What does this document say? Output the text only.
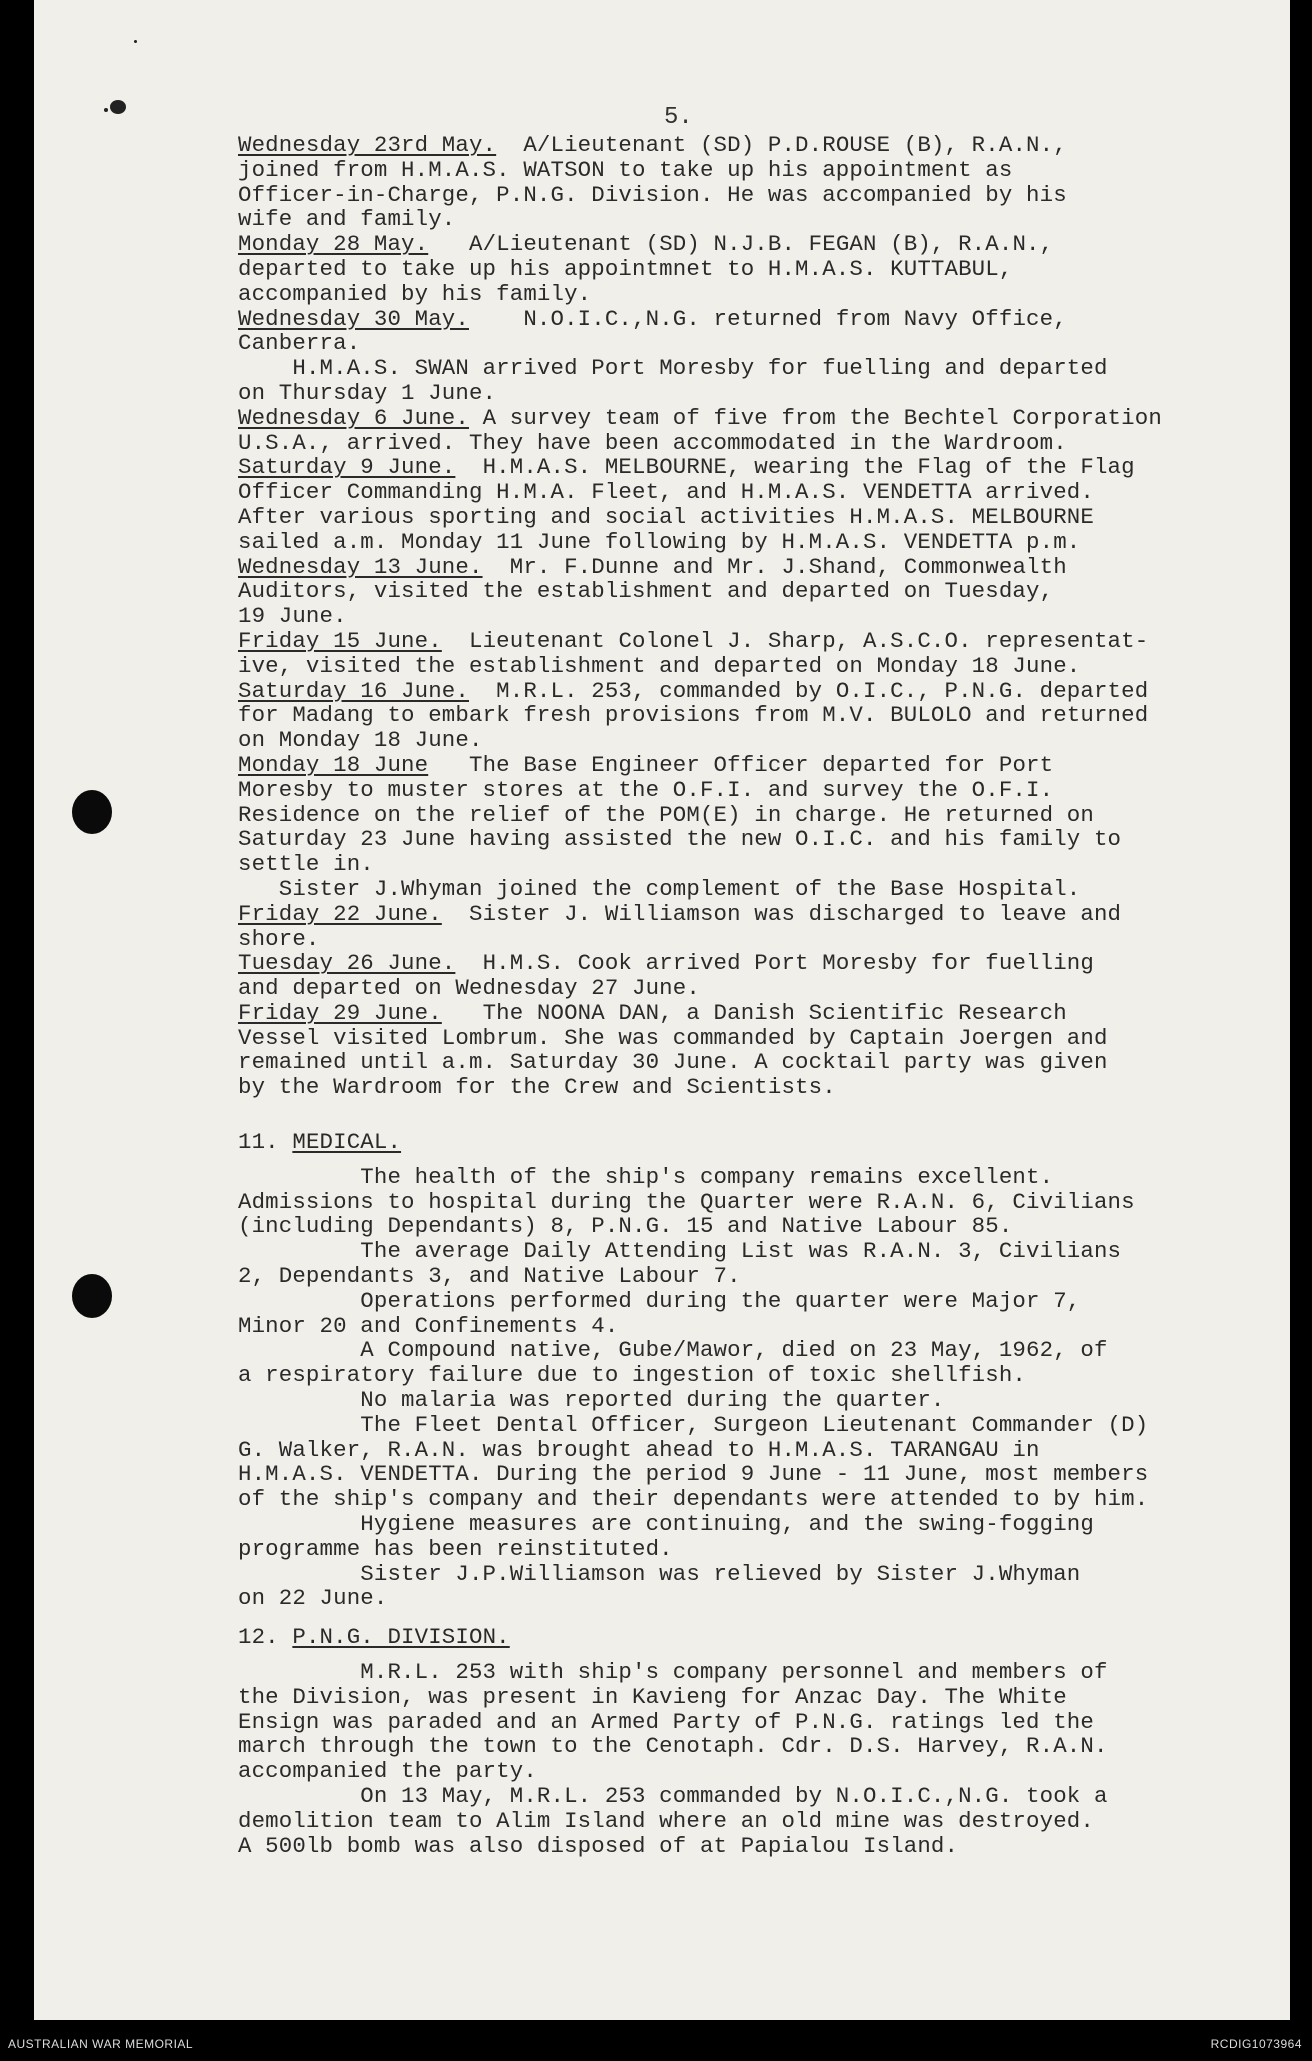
5.

Wednesday 23rd May.  A/Lieutenant (SD) P.D.ROUSE (B), R.A.N.,
joined from H.M.A.S. WATSON to take up his appointment as
Officer-in-Charge, P.N.G. Division. He was accompanied by his
wife and family.

Monday 28 May.   A/Lieutenant (SD) N.J.B. FEGAN (B), R.A.N.,
departed to take up his appointmnet to H.M.A.S. KUTTABUL,
accompanied by his family.

Wednesday 30 May.    N.O.I.C.,N.G. returned from Navy Office,
Canberra.

H.M.A.S. SWAN arrived Port Moresby for fuelling and departed
on Thursday 1 June.

Wednesday 6 June. A survey team of five from the Bechtel Corporation
U.S.A., arrived. They have been accommodated in the Wardroom.

Saturday 9 June.  H.M.A.S. MELBOURNE, wearing the Flag of the Flag
Officer Commanding H.M.A. Fleet, and H.M.A.S. VENDETTA arrived.
After various sporting and social activities H.M.A.S. MELBOURNE
sailed a.m. Monday 11 June following by H.M.A.S. VENDETTA p.m.

Wednesday 13 June.  Mr. F.Dunne and Mr. J.Shand, Commonwealth
Auditors, visited the establishment and departed on Tuesday,
19 June.

Friday 15 June.  Lieutenant Colonel J. Sharp, A.S.C.O. representat-
ive, visited the establishment and departed on Monday 18 June.

Saturday 16 June.  M.R.L. 253, commanded by O.I.C., P.N.G. departed
for Madang to embark fresh provisions from M.V. BULOLO and returned
on Monday 18 June.

Monday 18 June   The Base Engineer Officer departed for Port
Moresby to muster stores at the O.F.I. and survey the O.F.I.
Residence on the relief of the POM(E) in charge. He returned on
Saturday 23 June having assisted the new O.I.C. and his family to
settle in.

Sister J.Whyman joined the complement of the Base Hospital.

Friday 22 June.  Sister J. Williamson was discharged to leave and
shore.

Tuesday 26 June.  H.M.S. Cook arrived Port Moresby for fuelling
and departed on Wednesday 27 June.

Friday 29 June.   The NOONA DAN, a Danish Scientific Research
Vessel visited Lombrum. She was commanded by Captain Joergen and
remained until a.m. Saturday 30 June. A cocktail party was given
by the Wardroom for the Crew and Scientists.

11. MEDICAL.

The health of the ship's company remains excellent.
Admissions to hospital during the Quarter were R.A.N. 6, Civilians
(including Dependants) 8, P.N.G. 15 and Native Labour 85.

The average Daily Attending List was R.A.N. 3, Civilians
2, Dependants 3, and Native Labour 7.

Operations performed during the quarter were Major 7,
Minor 20 and Confinements 4.

A Compound native, Gube/Mawor, died on 23 May, 1962, of
a respiratory failure due to ingestion of toxic shellfish.

No malaria was reported during the quarter.

The Fleet Dental Officer, Surgeon Lieutenant Commander (D)
G. Walker, R.A.N. was brought ahead to H.M.A.S. TARANGAU in
H.M.A.S. VENDETTA. During the period 9 June - 11 June, most members
of the ship's company and their dependants were attended to by him.

Hygiene measures are continuing, and the swing-fogging
programme has been reinstituted.

Sister J.P.Williamson was relieved by Sister J.Whyman
on 22 June.

12. P.N.G. DIVISION.

M.R.L. 253 with ship's company personnel and members of
the Division, was present in Kavieng for Anzac Day. The White
Ensign was paraded and an Armed Party of P.N.G. ratings led the
march through the town to the Cenotaph. Cdr. D.S. Harvey, R.A.N.
accompanied the party.

On 13 May, M.R.L. 253 commanded by N.O.I.C.,N.G. took a
demolition team to Alim Island where an old mine was destroyed.
A 500lb bomb was also disposed of at Papialou Island.

AUSTRALIAN WAR MEMORIAL	RCDIG1073964
